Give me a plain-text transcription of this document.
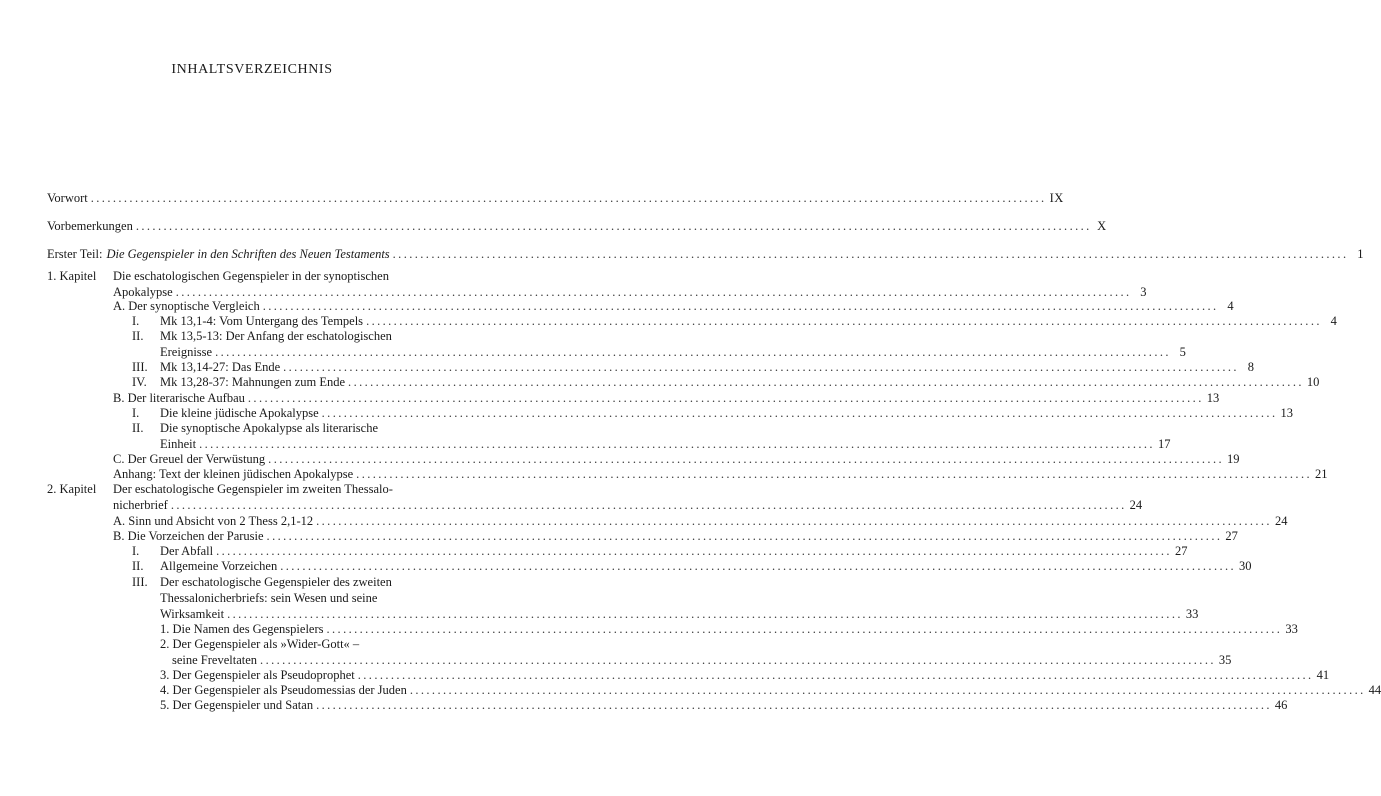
INHALTSVERZEICHNIS
Vorwort ............................................................................................................................................................................. IX
Vorbemerkungen ............................................................................................................................................................................. X
Erster Teil: Die Gegenspieler in den Schriften des Neuen Testaments ............................................................................................................................................................................. 1
1. Kapitel Die eschatologischen Gegenspieler in der synoptischen
Apokalypse ............................................................................................................................................................................. 3
A. Der synoptische Vergleich ............................................................................................................................................................................. 4
I. Mk 13,1-4: Vom Untergang des Tempels ............................................................................................................................................................................. 4
II. Mk 13,5-13: Der Anfang der eschatologischen
Ereignisse ............................................................................................................................................................................. 5
III. Mk 13,14-27: Das Ende ............................................................................................................................................................................. 8
IV. Mk 13,28-37: Mahnungen zum Ende ............................................................................................................................................................................. 10
B. Der literarische Aufbau ............................................................................................................................................................................. 13
I. Die kleine jüdische Apokalypse ............................................................................................................................................................................. 13
II. Die synoptische Apokalypse als literarische
Einheit ............................................................................................................................................................................. 17
C. Der Greuel der Verwüstung ............................................................................................................................................................................. 19
Anhang: Text der kleinen jüdischen Apokalypse ............................................................................................................................................................................. 21
2. Kapitel Der eschatologische Gegenspieler im zweiten Thessalo-
nicherbrief ............................................................................................................................................................................. 24
A. Sinn und Absicht von 2 Thess 2,1-12 ............................................................................................................................................................................. 24
B. Die Vorzeichen der Parusie ............................................................................................................................................................................. 27
I. Der Abfall ............................................................................................................................................................................. 27
II. Allgemeine Vorzeichen ............................................................................................................................................................................. 30
III. Der eschatologische Gegenspieler des zweiten
Thessalonicherbriefs: sein Wesen und seine
Wirksamkeit ............................................................................................................................................................................. 33
1. Die Namen des Gegenspielers ............................................................................................................................................................................. 33
2. Der Gegenspieler als »Wider-Gott« –
seine Freveltaten ............................................................................................................................................................................. 35
3. Der Gegenspieler als Pseudoprophet ............................................................................................................................................................................. 41
4. Der Gegenspieler als Pseudomessias der Juden ............................................................................................................................................................................. 44
5. Der Gegenspieler und Satan ............................................................................................................................................................................. 46
